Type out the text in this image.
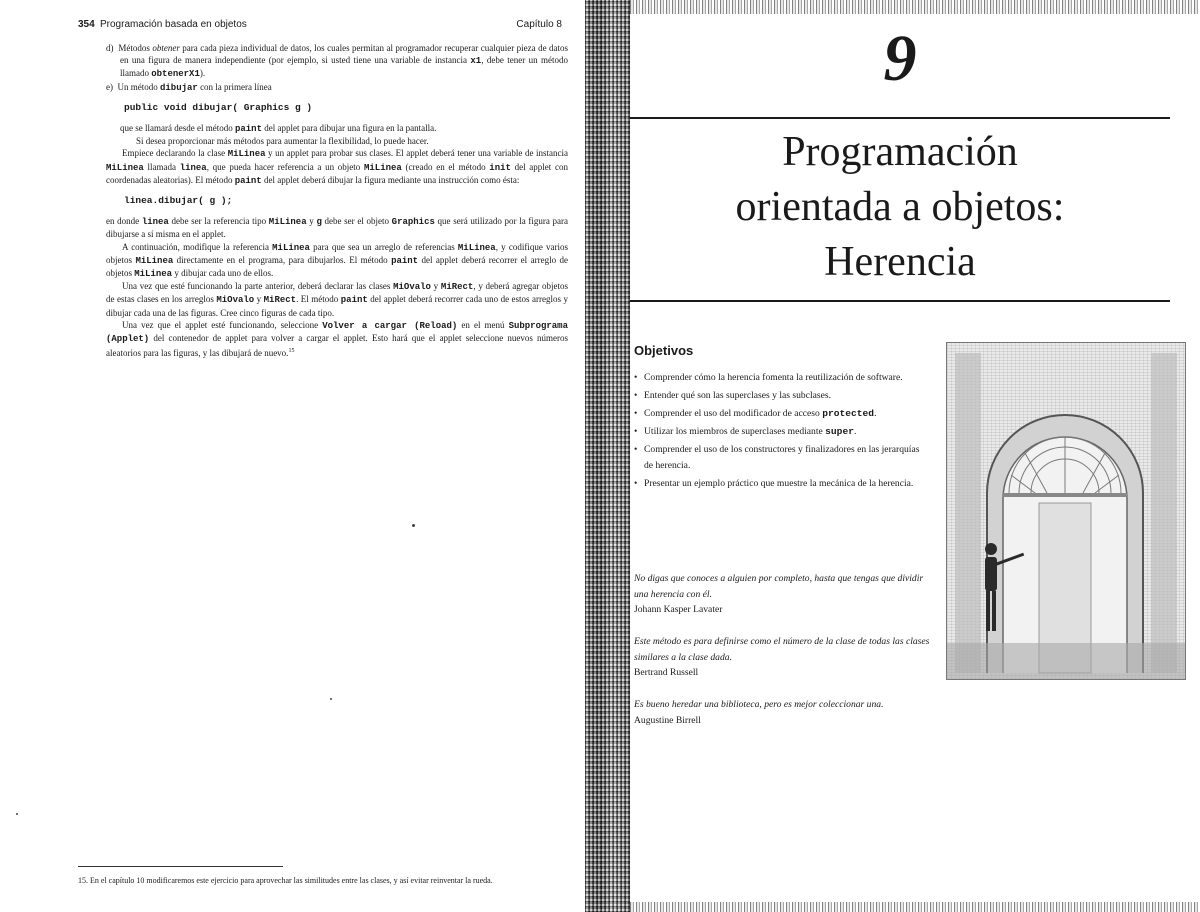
354 Programación basada en objetos	Capítulo 8

d) Métodos obtener para cada pieza individual de datos, los cuales permitan al programador recuperar cualquier pieza de datos en una figura de manera independiente (por ejemplo, si usted tiene una variable de instancia x1, debe tener un método llamado obtenerX1).

e) Un método dibujar con la primera línea

public void dibujar( Graphics g )

que se llamará desde el método paint del applet para dibujar una figura en la pantalla.

Si desea proporcionar más métodos para aumentar la flexibilidad, lo puede hacer.

Empiece declarando la clase MiLinea y un applet para probar sus clases. El applet deberá tener una variable de instancia MiLinea llamada linea, que pueda hacer referencia a un objeto MiLinea (creado en el método init del applet con coordenadas aleatorias). El método paint del applet deberá dibujar la figura mediante una instrucción como ésta:

linea.dibujar( g );

en donde linea debe ser la referencia tipo MiLinea y g debe ser el objeto Graphics que será utilizado por la figura para dibujarse a sí misma en el applet.

A continuación, modifique la referencia MiLinea para que sea un arreglo de referencias MiLinea, y codifique varios objetos MiLinea directamente en el programa, para dibujarlos. El método paint del applet deberá recorrer el arreglo de objetos MiLinea y dibujar cada uno de ellos.

Una vez que esté funcionando la parte anterior, deberá declarar las clases MiOvalo y MiRect, y deberá agregar objetos de estas clases en los arreglos MiOvalo y MiRect. El método paint del applet deberá recorrer cada uno de estos arreglos y dibujar cada una de las figuras. Cree cinco figuras de cada tipo.

Una vez que el applet esté funcionando, seleccione Volver a cargar (Reload) en el menú Subprograma (Applet) del contenedor de applet para volver a cargar el applet. Esto hará que el applet seleccione nuevos números aleatorios para las figuras, y las dibujará de nuevo.$^{15}$

15. En el capítulo 10 modificaremos este ejercicio para aprovechar las similitudes entre las clases, y así evitar reinventar la rueda.

9
Programación
orientada a objetos:
Herencia
Objetivos
• Comprender cómo la herencia fomenta la reutilización de software.
• Entender qué son las superclases y las subclases.
• Comprender el uso del modificador de acceso protected.
• Utilizar los miembros de superclases mediante super.
• Comprender el uso de los constructores y finalizadores en las jerarquías de herencia.
• Presentar un ejemplo práctico que muestre la mecánica de la herencia.
No digas que conoces a alguien por completo, hasta que tengas que dividir una herencia con él.
Johann Kasper Lavater
Este método es para definirse como el número de la clase de todas las clases similares a la clase dada.
Bertrand Russell
Es bueno heredar una biblioteca, pero es mejor coleccionar una.
Augustine Birrell
